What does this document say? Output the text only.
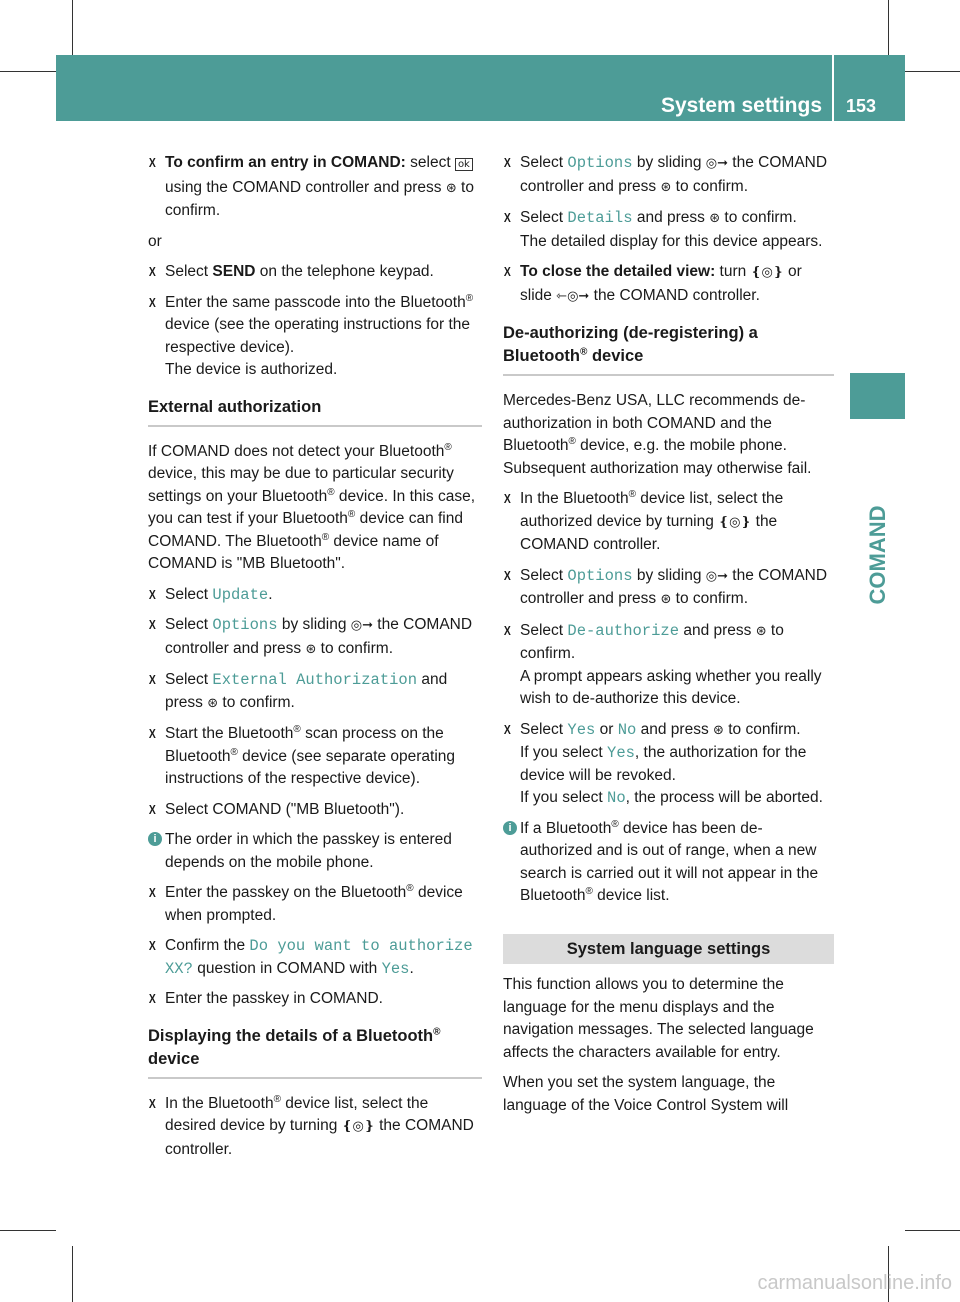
System settings 153
COMAND
X To confirm an entry in COMAND: select ok using the COMAND controller and press ⊛ to confirm.
or
X Select SEND on the telephone keypad.
X Enter the same passcode into the Bluetooth® device (see the operating instructions for the respective device).
The device is authorized.
External authorization
If COMAND does not detect your Bluetooth® device, this may be due to particular security settings on your Bluetooth® device. In this case, you can test if your Bluetooth® device can find COMAND. The Bluetooth® device name of COMAND is "MB Bluetooth".
X Select Update.
X Select Options by sliding ◎➞ the COMAND controller and press ⊛ to confirm.
X Select External Authorization and press ⊛ to confirm.
X Start the Bluetooth® scan process on the Bluetooth® device (see separate operating instructions of the respective device).
X Select COMAND ("MB Bluetooth").
i The order in which the passkey is entered depends on the mobile phone.
X Enter the passkey on the Bluetooth® device when prompted.
X Confirm the Do you want to authorize XX? question in COMAND with Yes.
X Enter the passkey in COMAND.
Displaying the details of a Bluetooth® device
X In the Bluetooth® device list, select the desired device by turning ❴◎❵ the COMAND controller.
X Select Options by sliding ◎➞ the COMAND controller and press ⊛ to confirm.
X Select Details and press ⊛ to confirm.
The detailed display for this device appears.
X To close the detailed view: turn ❴◎❵ or slide ⇽◎➞ the COMAND controller.
De-authorizing (de-registering) a Bluetooth® device
Mercedes-Benz USA, LLC recommends de-authorization in both COMAND and the Bluetooth® device, e.g. the mobile phone. Subsequent authorization may otherwise fail.
X In the Bluetooth® device list, select the authorized device by turning ❴◎❵ the COMAND controller.
X Select Options by sliding ◎➞ the COMAND controller and press ⊛ to confirm.
X Select De-authorize and press ⊛ to confirm.
A prompt appears asking whether you really wish to de-authorize this device.
X Select Yes or No and press ⊛ to confirm.
If you select Yes, the authorization for the device will be revoked.
If you select No, the process will be aborted.
i If a Bluetooth® device has been de-authorized and is out of range, when a new search is carried out it will not appear in the Bluetooth® device list.
System language settings
This function allows you to determine the language for the menu displays and the navigation messages. The selected language affects the characters available for entry.
When you set the system language, the language of the Voice Control System will
carmanualsonline.info
